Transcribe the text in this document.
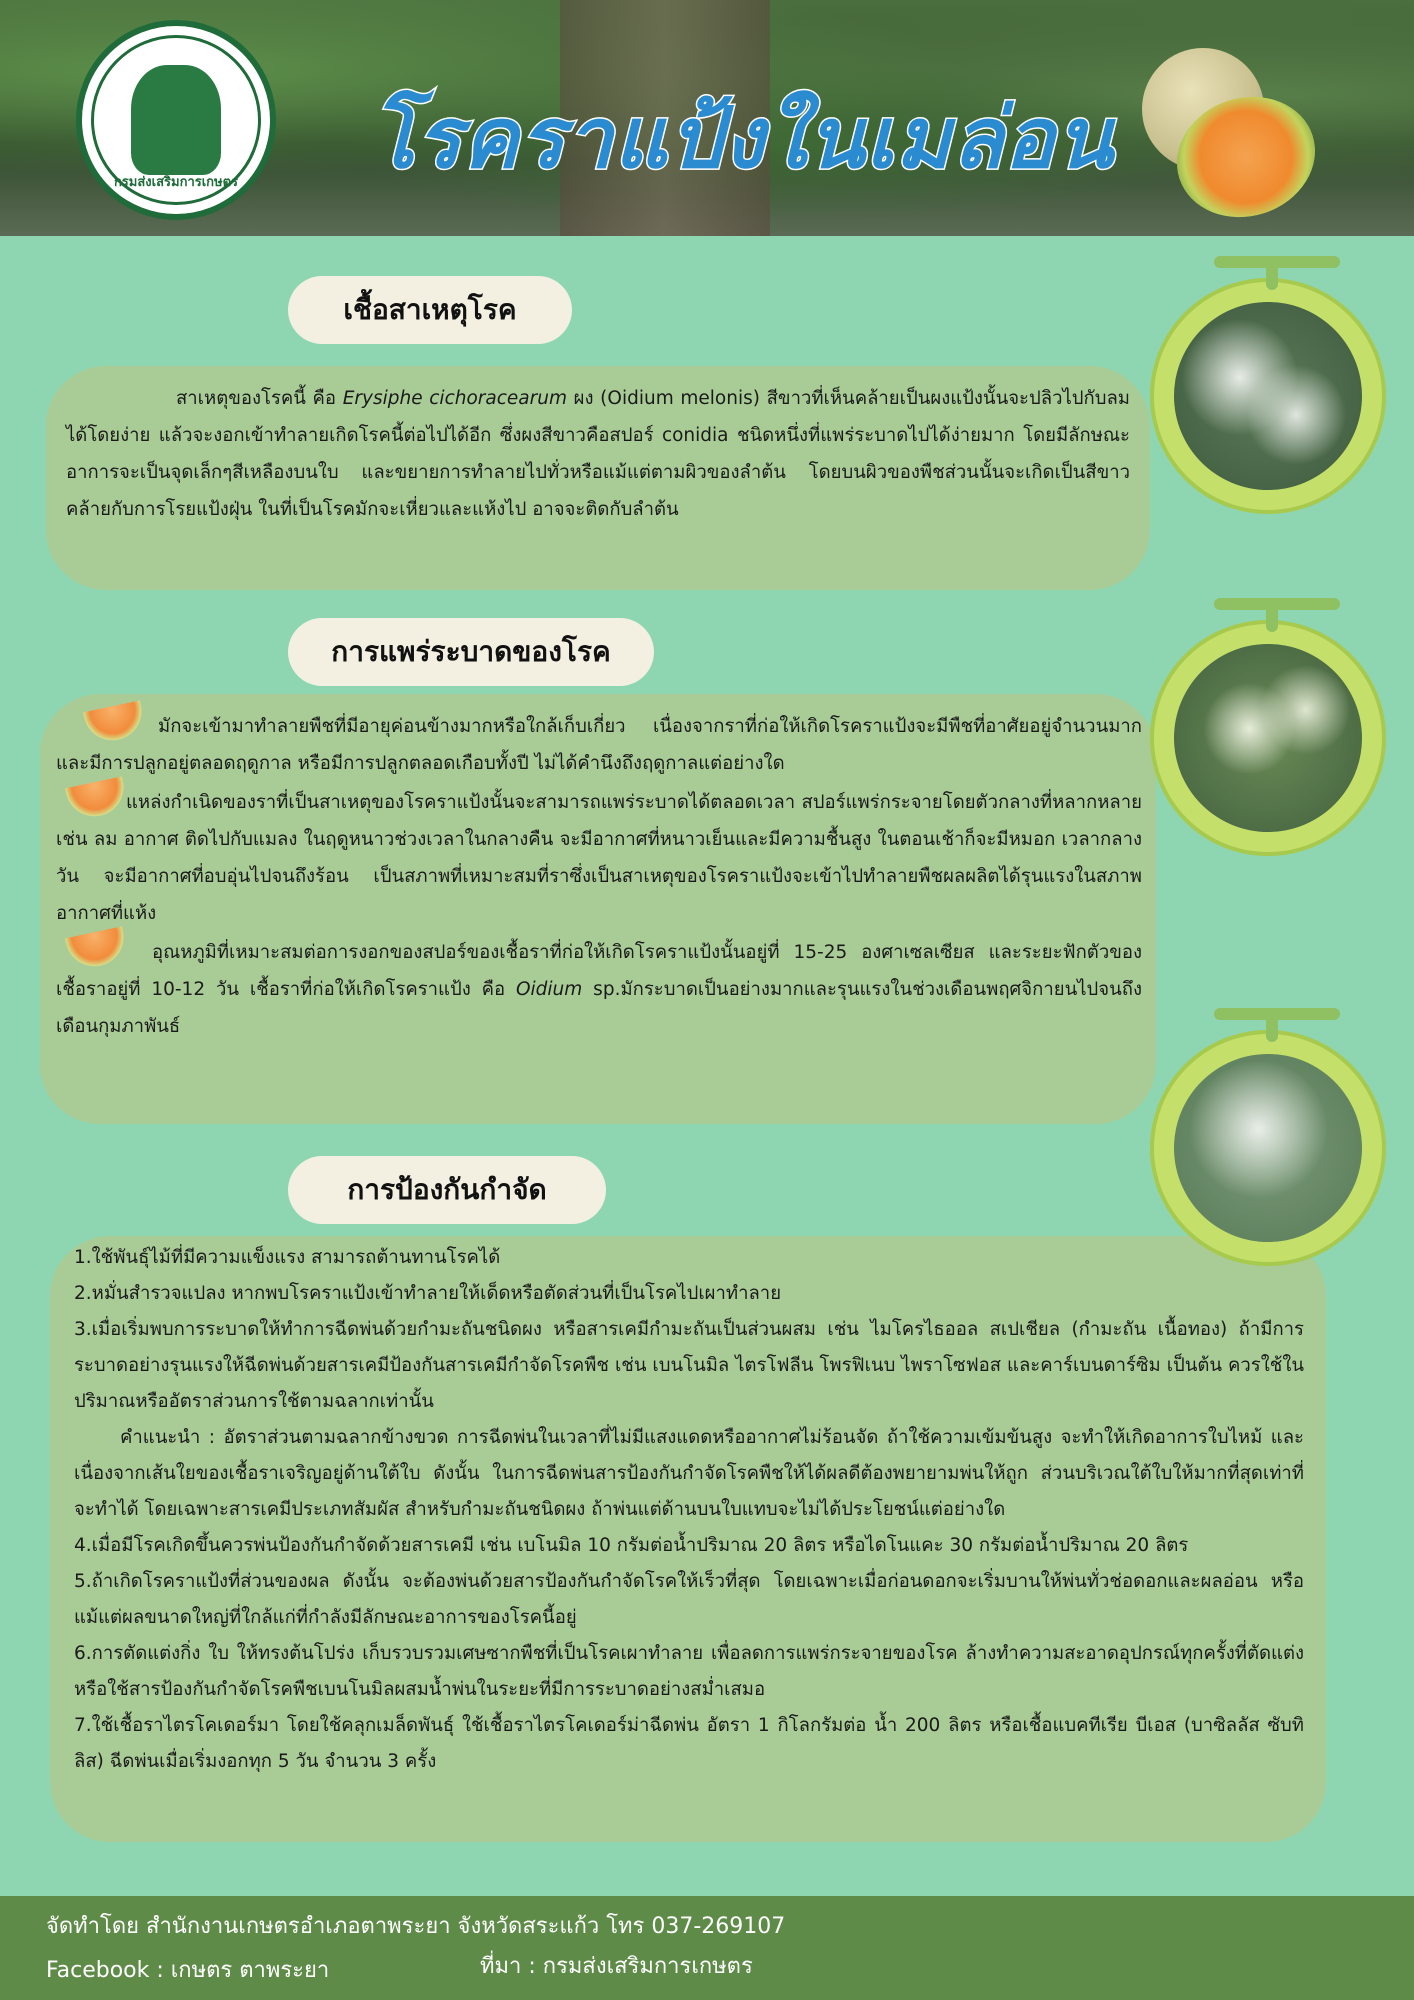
กรมส่งเสริมการเกษตร โรคราแป้งในเมล่อน
เชื้อสาเหตุโรค

สาเหตุของโรคนี้ คือ Erysiphe cichoracearum ผง (Oidium melonis) สีขาวที่เห็นคล้ายเป็นผงแป้งนั้นจะปลิวไปกับลมได้โดยง่าย แล้วจะงอกเข้าทำลายเกิดโรคนี้ต่อไปได้อีก ซึ่งผงสีขาวคือสปอร์ conidia ชนิดหนึ่งที่แพร่ระบาดไปได้ง่ายมาก โดยมีลักษณะอาการจะเป็นจุดเล็กๆสีเหลืองบนใบ และขยายการทำลายไปทั่วหรือแม้แต่ตามผิวของลำต้น โดยบนผิวของพืชส่วนนั้นจะเกิดเป็นสีขาวคล้ายกับการโรยแป้งฝุ่น ในที่เป็นโรคมักจะเหี่ยวและแห้งไป อาจจะติดกับลำต้น

การแพร่ระบาดของโรค

มักจะเข้ามาทำลายพืชที่มีอายุค่อนข้างมากหรือใกล้เก็บเกี่ยว เนื่องจากราที่ก่อให้เกิดโรคราแป้งจะมีพืชที่อาศัยอยู่จำนวนมาก และมีการปลูกอยู่ตลอดฤดูกาล หรือมีการปลูกตลอดเกือบทั้งปี ไม่ได้คำนึงถึงฤดูกาลแต่อย่างใด

แหล่งกำเนิดของราที่เป็นสาเหตุของโรคราแป้งนั้นจะสามารถแพร่ระบาดได้ตลอดเวลา สปอร์แพร่กระจายโดยตัวกลางที่หลากหลาย เช่น ลม อากาศ ติดไปกับแมลง ในฤดูหนาวช่วงเวลาในกลางคืน จะมีอากาศที่หนาวเย็นและมีความชื้นสูง ในตอนเช้าก็จะมีหมอก เวลากลางวัน จะมีอากาศที่อบอุ่นไปจนถึงร้อน เป็นสภาพที่เหมาะสมที่ราซึ่งเป็นสาเหตุของโรคราแป้งจะเข้าไปทำลายพืชผลผลิตได้รุนแรงในสภาพอากาศที่แห้ง

อุณหภูมิที่เหมาะสมต่อการงอกของสปอร์ของเชื้อราที่ก่อให้เกิดโรคราแป้งนั้นอยู่ที่ 15-25 องศาเซลเซียส และระยะฟักตัวของเชื้อราอยู่ที่ 10-12 วัน เชื้อราที่ก่อให้เกิดโรคราแป้ง คือ Oidium sp.มักระบาดเป็นอย่างมากและรุนแรงในช่วงเดือนพฤศจิกายนไปจนถึงเดือนกุมภาพันธ์

การป้องกันกำจัด

1.ใช้พันธุ์ไม้ที่มีความแข็งแรง สามารถต้านทานโรคได้

2.หมั่นสำรวจแปลง หากพบโรคราแป้งเข้าทำลายให้เด็ดหรือตัดส่วนที่เป็นโรคไปเผาทำลาย

3.เมื่อเริ่มพบการระบาดให้ทำการฉีดพ่นด้วยกำมะถันชนิดผง หรือสารเคมีกำมะถันเป็นส่วนผสม เช่น ไมโครไธออล สเปเชียล (กำมะถัน เนื้อทอง) ถ้ามีการระบาดอย่างรุนแรงให้ฉีดพ่นด้วยสารเคมีป้องกันสารเคมีกำจัดโรคพืช เช่น เบนโนมิล ไตรโฟลีน โพรฟิเนบ ไพราโซฟอส และคาร์เบนดาร์ซิม เป็นต้น ควรใช้ในปริมาณหรืออัตราส่วนการใช้ตามฉลากเท่านั้น

คำแนะนำ : อัตราส่วนตามฉลากข้างขวด การฉีดพ่นในเวลาที่ไม่มีแสงแดดหรืออากาศไม่ร้อนจัด ถ้าใช้ความเข้มข้นสูง จะทำให้เกิดอาการใบไหม้ และเนื่องจากเส้นใยของเชื้อราเจริญอยู่ด้านใต้ใบ ดังนั้น ในการฉีดพ่นสารป้องกันกำจัดโรคพืชให้ได้ผลดีต้องพยายามพ่นให้ถูก ส่วนบริเวณใต้ใบให้มากที่สุดเท่าที่จะทำได้ โดยเฉพาะสารเคมีประเภทสัมผัส สำหรับกำมะถันชนิดผง ถ้าพ่นแต่ด้านบนใบแทบจะไม่ได้ประโยชน์แต่อย่างใด

4.เมื่อมีโรคเกิดขึ้นควรพ่นป้องกันกำจัดด้วยสารเคมี เช่น เบโนมิล 10 กรัมต่อน้ำปริมาณ 20 ลิตร หรือไดโนแคะ 30 กรัมต่อน้ำปริมาณ 20 ลิตร

5.ถ้าเกิดโรคราแป้งที่ส่วนของผล ดังนั้น จะต้องพ่นด้วยสารป้องกันกำจัดโรคให้เร็วที่สุด โดยเฉพาะเมื่อก่อนดอกจะเริ่มบานให้พ่นทั่วช่อดอกและผลอ่อน หรือแม้แต่ผลขนาดใหญ่ที่ใกล้แก่ที่กำลังมีลักษณะอาการของโรคนี้อยู่

6.การตัดแต่งกิ่ง ใบ ให้ทรงต้นโปร่ง เก็บรวบรวมเศษซากพืชที่เป็นโรคเผาทำลาย เพื่อลดการแพร่กระจายของโรค ล้างทำความสะอาดอุปกรณ์ทุกครั้งที่ตัดแต่ง หรือใช้สารป้องกันกำจัดโรคพืชเบนโนมิลผสมน้ำพ่นในระยะที่มีการระบาดอย่างสม่ำเสมอ

7.ใช้เชื้อราไตรโคเดอร์มา โดยใช้คลุกเมล็ดพันธุ์ ใช้เชื้อราไตรโคเดอร์ม่าฉีดพ่น อัตรา 1 กิโลกรัมต่อ น้ำ 200 ลิตร หรือเชื้อแบคทีเรีย บีเอส (บาซิลลัส ซับทิลิส) ฉีดพ่นเมื่อเริ่มงอกทุก 5 วัน จำนวน 3 ครั้ง

จัดทำโดย สำนักงานเกษตรอำเภอตาพระยา จังหวัดสระแก้ว โทร 037-269107
Facebook : เกษตร ตาพระยา	ที่มา : กรมส่งเสริมการเกษตร
